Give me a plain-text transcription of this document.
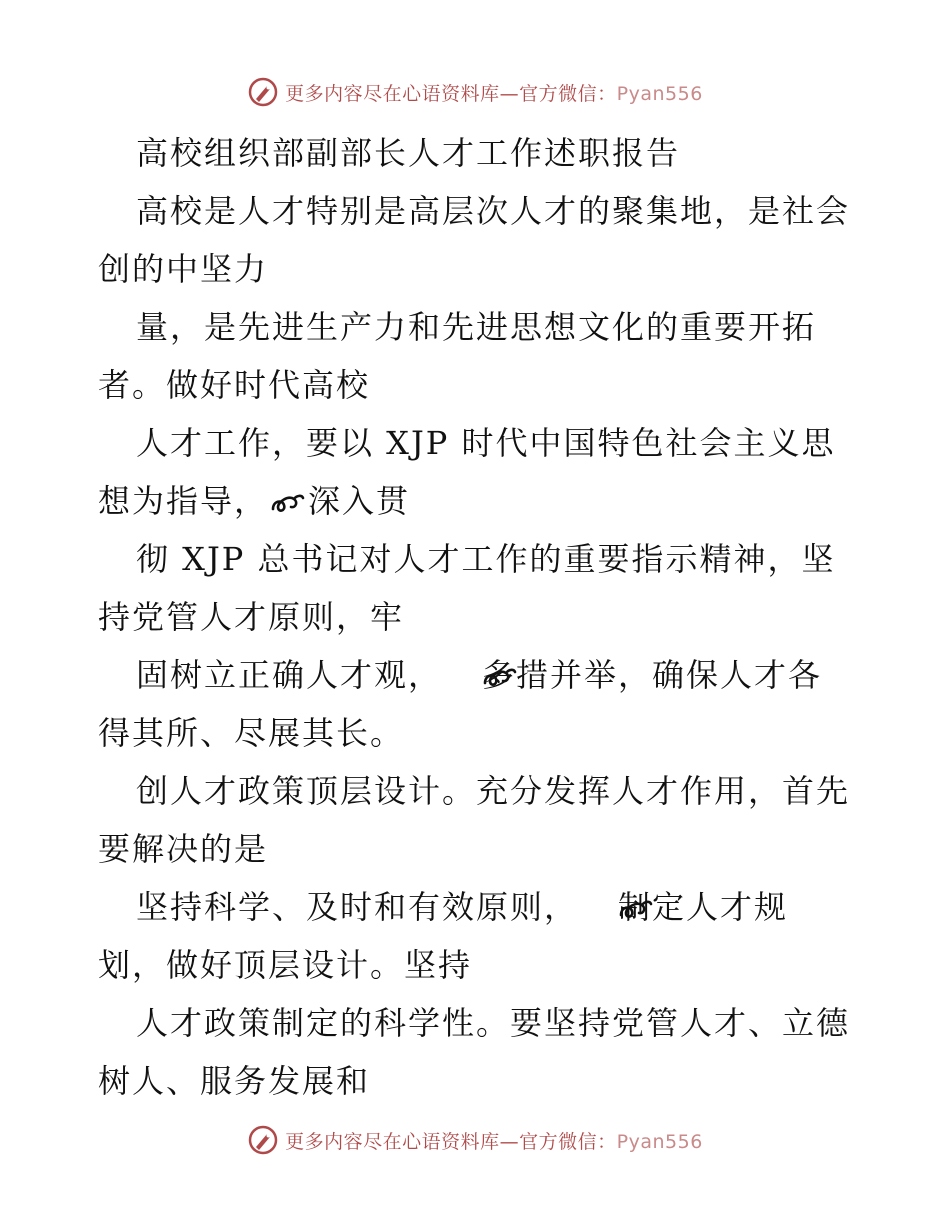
更多内容尽在心语资料库—官方微信：Pyan556
高校组织部副部长人才工作述职报告
高校是人才特别是高层次人才的聚集地，是社会
创的中坚力
量，是先进生产力和先进思想文化的重要开拓
者。做好时代高校
人才工作，要以 XJP 时代中国特色社会主义思
想为指导， 深入贯
彻 XJP 总书记对人才工作的重要指示精神，坚
持党管人才原则，牢
固树立正确人才观， 多措并举，确保人才各
得其所、尽展其长。
创人才政策顶层设计。充分发挥人才作用，首先
要解决的是
坚持科学、及时和有效原则， 制定人才规
划，做好顶层设计。坚持
人才政策制定的科学性。要坚持党管人才、立德
树人、服务发展和
更多内容尽在心语资料库—官方微信：Pyan556
